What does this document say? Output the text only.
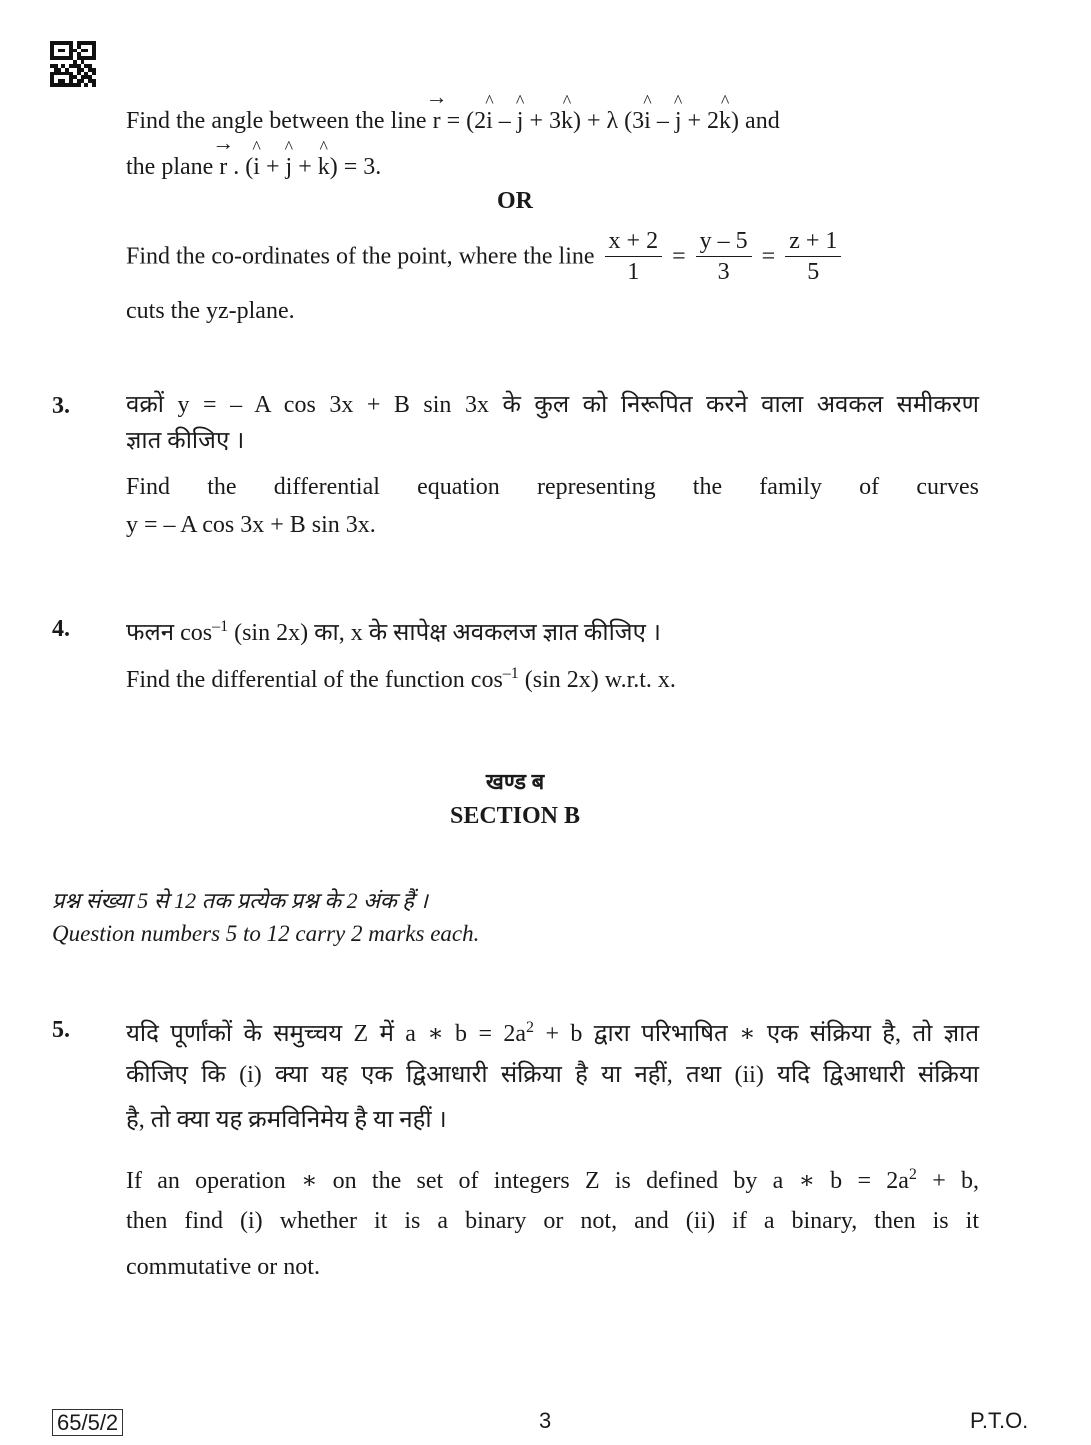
Find the angle between the line → r = (2^ i – ^ j + 3^ k) + λ (3^ i – ^ j + 2^ k) and
the plane → r . (^ i + ^ j + ^ k) = 3.
OR
Find the co-ordinates of the point, where the line $\frac{x + 2}{1} = \frac{y - 5}{3} = \frac{z + 1}{5}$
cuts the yz-plane.
3. वक्रों y = – A cos 3x + B sin 3x के कुल को निरूपित करने वाला अवकल समीकरण
ज्ञात कीजिए ।
Find the differential equation representing the family of curves
y = – A cos 3x + B sin 3x.
4. फलन $\cos^{-1} (\sin$ 2x) का, x के सापेक्ष अवकलज ज्ञात कीजिए ।
Find the differential of the function $\cos^{-1} (\sin$ 2x) w.r.t. x.
खण्ड ब
SECTION B
प्रश्न संख्या 5 से 12 तक प्रत्येक प्रश्न के 2 अंक हैं ।
Question numbers 5 to 12 carry 2 marks each.
5. यदि पूर्णांकों के समुच्चय Z में a ∗ $b = 2a^2 + b$ द्वारा परिभाषित ∗ एक संक्रिया है, तो ज्ञात
कीजिए कि (i) क्या यह एक द्विआधारी संक्रिया है या नहीं, तथा (ii) यदि द्विआधारी संक्रिया
है, तो क्या यह क्रमविनिमेय है या नहीं ।
If an operation ∗ on the set of integers Z is defined by a ∗ $b = 2a^2 + b$,
then find (i) whether it is a binary or not, and (ii) if a binary, then is it
commutative or not.
65/5/2	3	P.T.O.
